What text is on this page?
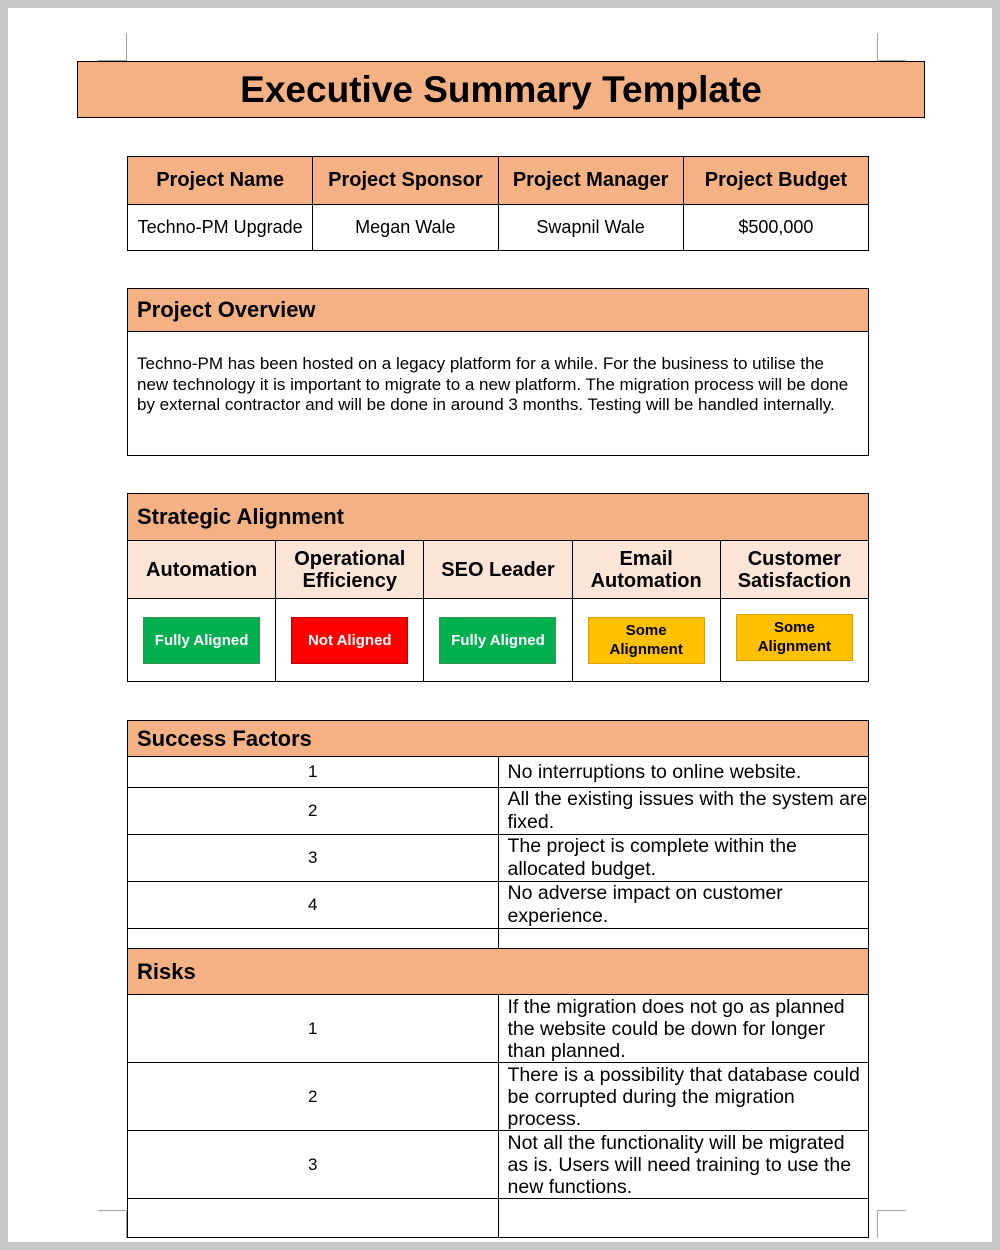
Executive Summary Template
Project Name	Project Sponsor	Project Manager	Project Budget
Techno-PM Upgrade	Megan Wale	Swapnil Wale	$500,000
Project Overview
Techno-PM has been hosted on a legacy platform for a while. For the business to utilise the new technology it is important to migrate to a new platform. The migration process will be done by external contractor and will be done in around 3 months. Testing will be handled internally.
Strategic Alignment				
Automation	Operational Efficiency	SEO Leader	Email Automation	Customer Satisfaction
Fully Aligned	Not Aligned	Fully Aligned	Some Alignment	Some Alignment
Success Factors	
1	No interruptions to online website.
2	All the existing issues with the system are fixed.
3	The project is complete within the allocated budget.
4	No adverse impact on customer experience.

Risks	
1	If the migration does not go as planned the website could be down for longer than planned.
2	There is a possibility that database could be corrupted during the migration process.
3	Not all the functionality will be migrated as is. Users will need training to use the new functions.
